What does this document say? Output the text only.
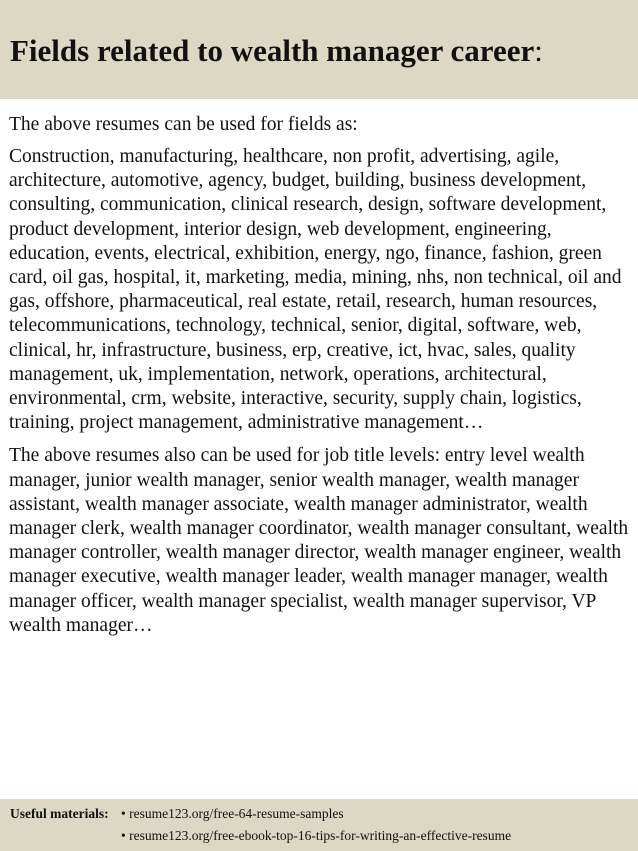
Fields related to wealth manager career:

The above resumes can be used for fields as:

Construction, manufacturing, healthcare, non profit, advertising, agile, architecture, automotive, agency, budget, building, business development, consulting, communication, clinical research, design, software development, product development, interior design, web development, engineering, education, events, electrical, exhibition, energy, ngo, finance, fashion, green card, oil gas, hospital, it, marketing, media, mining, nhs, non technical, oil and gas, offshore, pharmaceutical, real estate, retail, research, human resources, telecommunications, technology, technical, senior, digital, software, web, clinical, hr, infrastructure, business, erp, creative, ict, hvac, sales, quality management, uk, implementation, network, operations, architectural, environmental, crm, website, interactive, security, supply chain, logistics, training, project management, administrative management…

The above resumes also can be used for job title levels: entry level wealth manager, junior wealth manager, senior wealth manager, wealth manager assistant, wealth manager associate, wealth manager administrator, wealth manager clerk, wealth manager coordinator, wealth manager consultant, wealth manager controller, wealth manager director, wealth manager engineer, wealth manager executive, wealth manager leader, wealth manager manager, wealth manager officer, wealth manager specialist, wealth manager supervisor, VP wealth manager…

Useful materials: • resume123.org/free-64-resume-samples
• resume123.org/free-ebook-top-16-tips-for-writing-an-effective-resume
